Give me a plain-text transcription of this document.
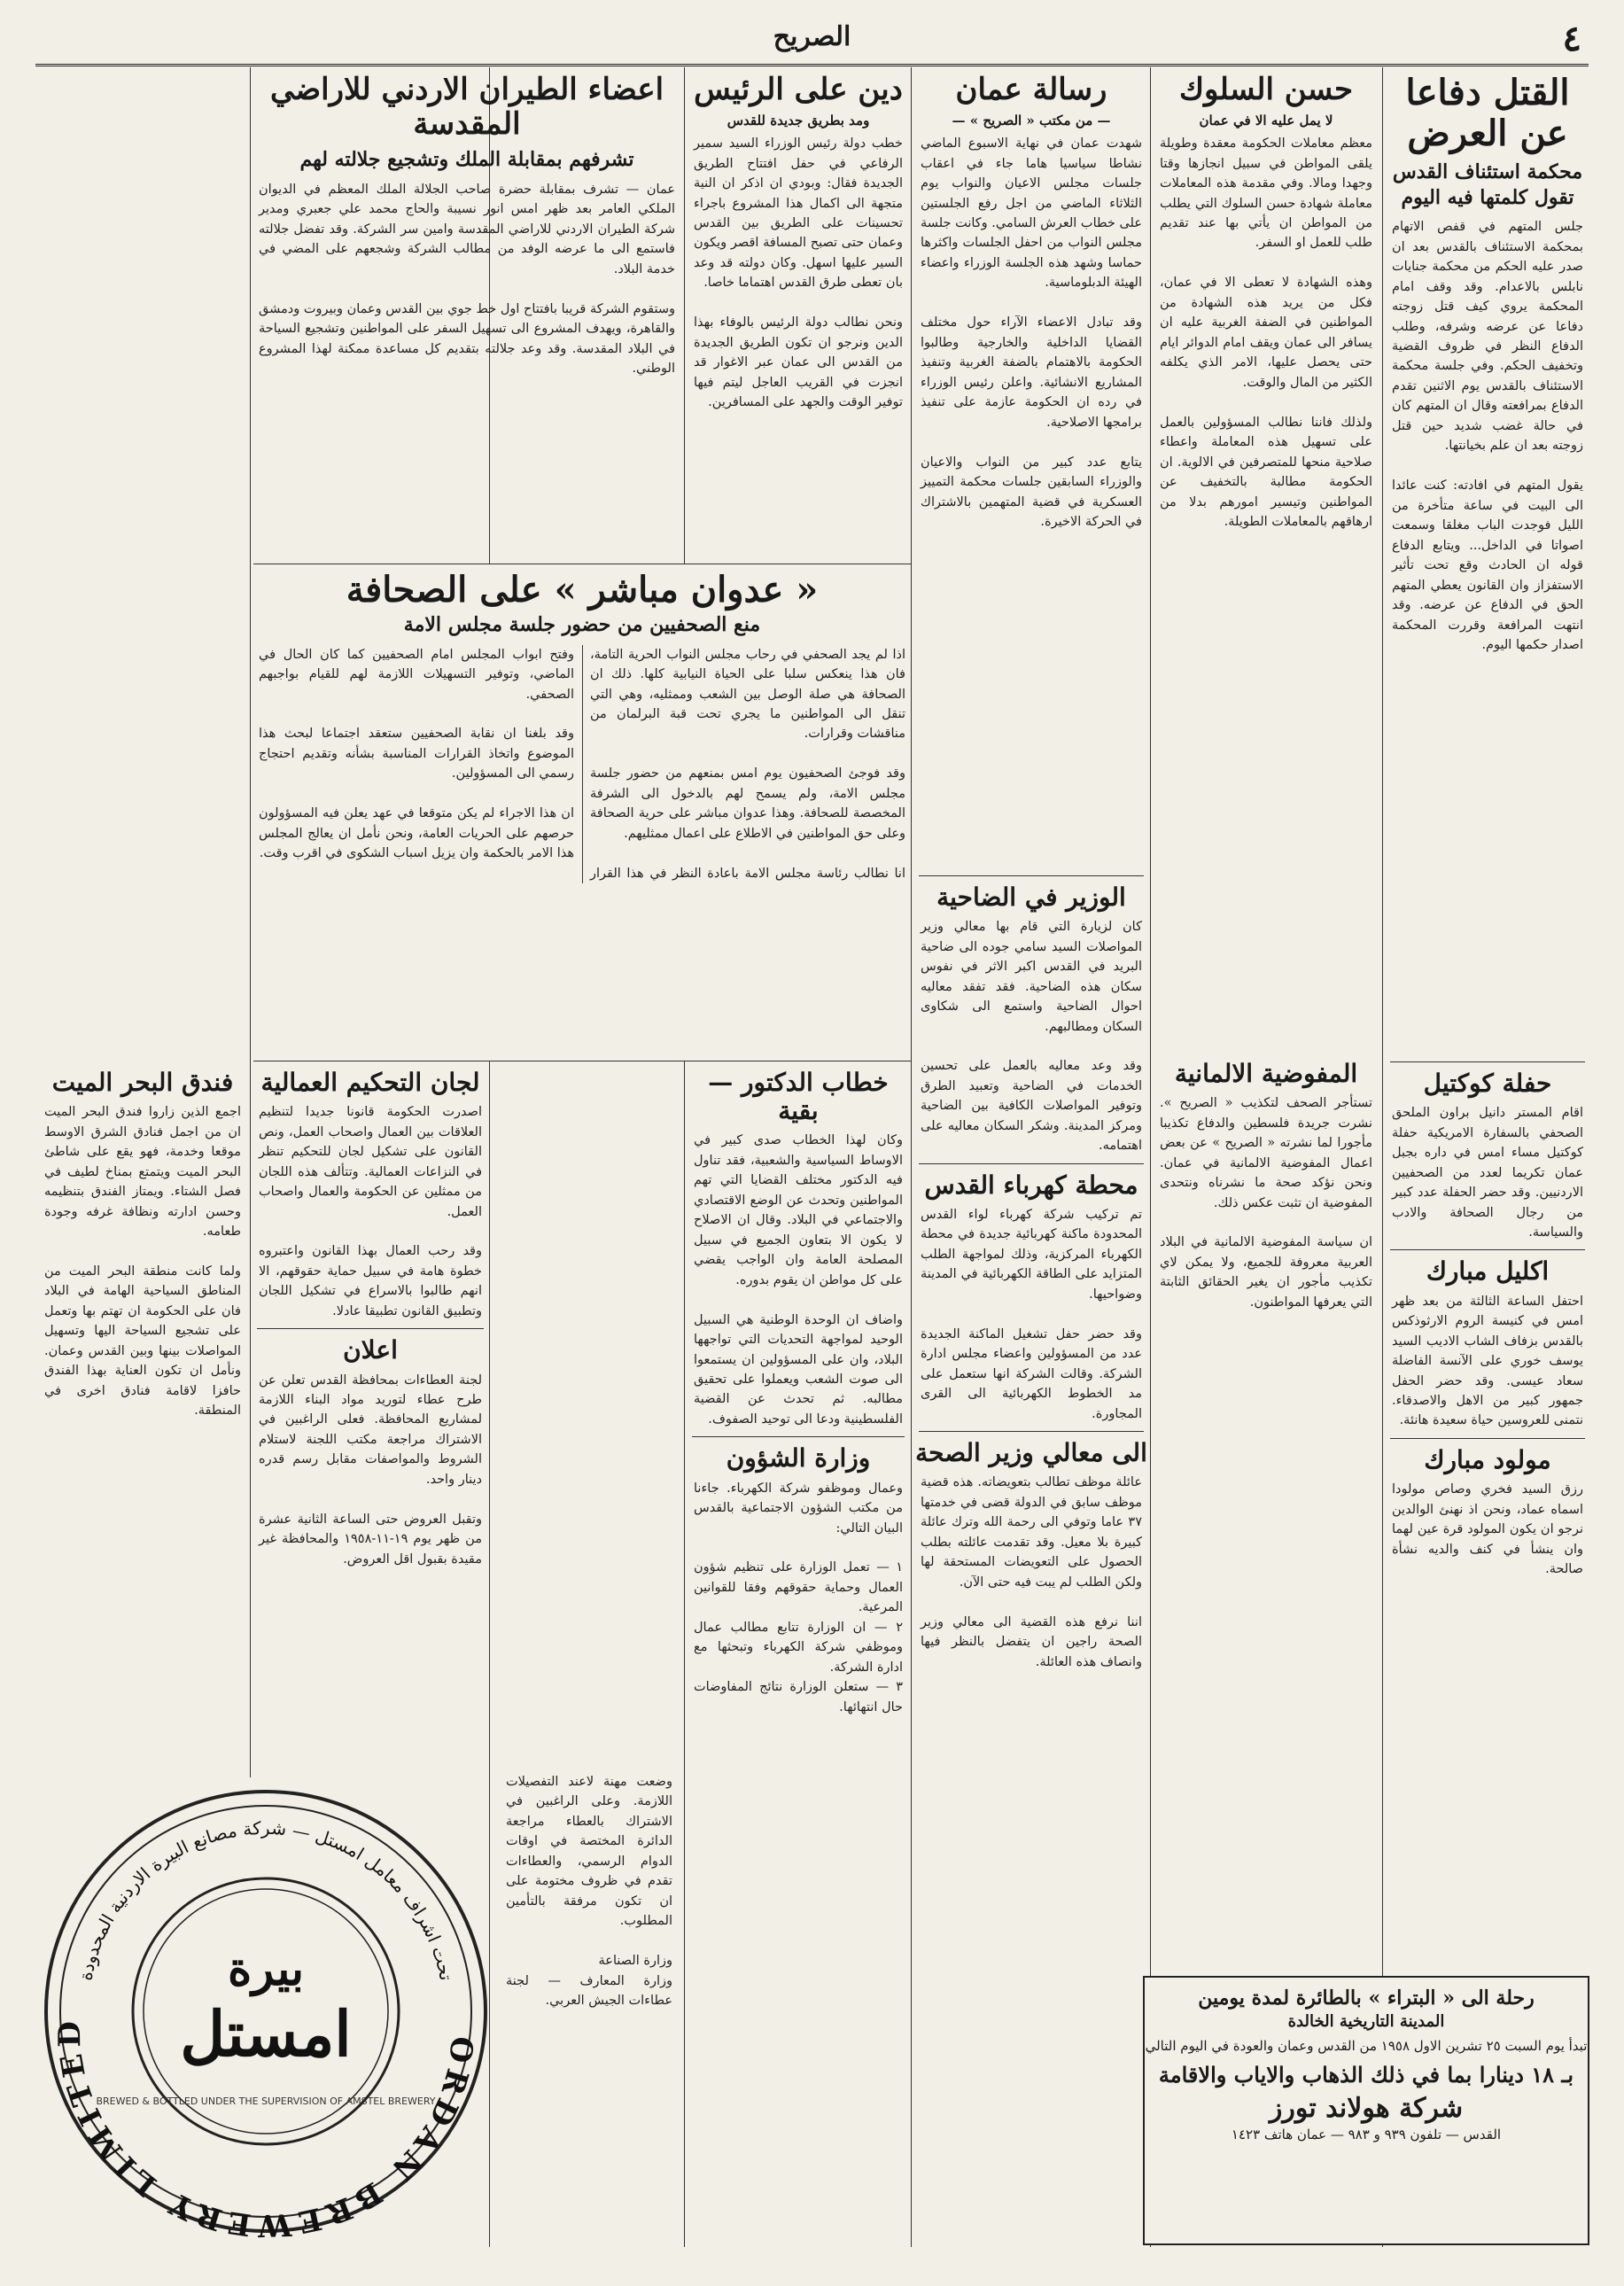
الصريح	٤
القتل دفاعا عن العرض
محكمة استئناف القدس تقول كلمتها فيه اليوم
جلس المتهم في قفص الاتهام بمحكمة الاستئناف بالقدس بعد ان صدر عليه الحكم من محكمة جنايات نابلس بالاعدام. وقد وقف امام المحكمة يروي كيف قتل زوجته دفاعا عن عرضه وشرفه، وطلب الدفاع النظر في ظروف القضية وتخفيف الحكم. وفي جلسة محكمة الاستئناف بالقدس يوم الاثنين تقدم الدفاع بمرافعته وقال ان المتهم كان في حالة غضب شديد حين قتل زوجته بعد ان علم بخيانتها.

يقول المتهم في افادته: كنت عائدا الى البيت في ساعة متأخرة من الليل فوجدت الباب مغلقا وسمعت اصواتا في الداخل... ويتابع الدفاع قوله ان الحادث وقع تحت تأثير الاستفزاز وان القانون يعطي المتهم الحق في الدفاع عن عرضه. وقد انتهت المرافعة وقررت المحكمة اصدار حكمها اليوم.
حسن السلوك
لا يمل عليه الا في عمان
معظم معاملات الحكومة معقدة وطويلة يلقى المواطن في سبيل انجازها وقتا وجهدا ومالا. وفي مقدمة هذه المعاملات معاملة شهادة حسن السلوك التي يطلب من المواطن ان يأتي بها عند تقديم طلب للعمل او السفر.

وهذه الشهادة لا تعطى الا في عمان، فكل من يريد هذه الشهادة من المواطنين في الضفة الغربية عليه ان يسافر الى عمان ويقف امام الدوائر ايام حتى يحصل عليها، الامر الذي يكلفه الكثير من المال والوقت.

ولذلك فاننا نطالب المسؤولين بالعمل على تسهيل هذه المعاملة واعطاء صلاحية منحها للمتصرفين في الالوية. ان الحكومة مطالبة بالتخفيف عن المواطنين وتيسير امورهم بدلا من ارهاقهم بالمعاملات الطويلة.
رسالة عمان
— من مكتب « الصريح » —
شهدت عمان في نهاية الاسبوع الماضي نشاطا سياسيا هاما جاء في اعقاب جلسات مجلس الاعيان والنواب يوم الثلاثاء الماضي من اجل رفع الجلستين على خطاب العرش السامي. وكانت جلسة مجلس النواب من احفل الجلسات واكثرها حماسا وشهد هذه الجلسة الوزراء واعضاء الهيئة الدبلوماسية.

وقد تبادل الاعضاء الآراء حول مختلف القضايا الداخلية والخارجية وطالبوا الحكومة بالاهتمام بالضفة الغربية وتنفيذ المشاريع الانشائية. واعلن رئيس الوزراء في رده ان الحكومة عازمة على تنفيذ برامجها الاصلاحية.

يتابع عدد كبير من النواب والاعيان والوزراء السابقين جلسات محكمة التمييز العسكرية في قضية المتهمين بالاشتراك في الحركة الاخيرة.
دين على الرئيس
ومد بطريق جديدة للقدس
خطب دولة رئيس الوزراء السيد سمير الرفاعي في حفل افتتاح الطريق الجديدة فقال: وبودي ان اذكر ان النية متجهة الى اكمال هذا المشروع باجراء تحسينات على الطريق بين القدس وعمان حتى تصبح المسافة اقصر ويكون السير عليها اسهل. وكان دولته قد وعد بان تعطى طرق القدس اهتماما خاصا.

ونحن نطالب دولة الرئيس بالوفاء بهذا الدين ونرجو ان تكون الطريق الجديدة من القدس الى عمان عبر الاغوار قد انجزت في القريب العاجل ليتم فيها توفير الوقت والجهد على المسافرين.
اعضاء الطيران الاردني للاراضي المقدسة
تشرفهم بمقابلة الملك وتشجيع جلالته لهم
عمان — تشرف بمقابلة حضرة صاحب الجلالة الملك المعظم في الديوان الملكي العامر بعد ظهر امس انور نسيبة والحاج محمد علي جعبري ومدير شركة الطيران الاردني للاراضي المقدسة وامين سر الشركة. وقد تفضل جلالته فاستمع الى ما عرضه الوفد من مطالب الشركة وشجعهم على المضي في خدمة البلاد.

وستقوم الشركة قريبا بافتتاح اول خط جوي بين القدس وعمان وبيروت ودمشق والقاهرة، ويهدف المشروع الى تسهيل السفر على المواطنين وتشجيع السياحة في البلاد المقدسة. وقد وعد جلالته بتقديم كل مساعدة ممكنة لهذا المشروع الوطني.
« عدوان مباشر » على الصحافة
منع الصحفيين من حضور جلسة مجلس الامة
اذا لم يجد الصحفي في رحاب مجلس النواب الحرية التامة، فان هذا ينعكس سلبا على الحياة النيابية كلها. ذلك ان الصحافة هي صلة الوصل بين الشعب وممثليه، وهي التي تنقل الى المواطنين ما يجري تحت قبة البرلمان من مناقشات وقرارات.

وقد فوجئ الصحفيون يوم امس بمنعهم من حضور جلسة مجلس الامة، ولم يسمح لهم بالدخول الى الشرفة المخصصة للصحافة. وهذا عدوان مباشر على حرية الصحافة وعلى حق المواطنين في الاطلاع على اعمال ممثليهم.

انا نطالب رئاسة مجلس الامة باعادة النظر في هذا القرار وفتح ابواب المجلس امام الصحفيين كما كان الحال في الماضي، وتوفير التسهيلات اللازمة لهم للقيام بواجبهم الصحفي.

وقد بلغنا ان نقابة الصحفيين ستعقد اجتماعا لبحث هذا الموضوع واتخاذ القرارات المناسبة بشأنه وتقديم احتجاج رسمي الى المسؤولين.

ان هذا الاجراء لم يكن متوقعا في عهد يعلن فيه المسؤولون حرصهم على الحريات العامة، ونحن نأمل ان يعالج المجلس هذا الامر بالحكمة وان يزيل اسباب الشكوى في اقرب وقت.
فندق البحر الميت
اجمع الذين زاروا فندق البحر الميت ان من اجمل فنادق الشرق الاوسط موقعا وخدمة، فهو يقع على شاطئ البحر الميت ويتمتع بمناخ لطيف في فصل الشتاء. ويمتاز الفندق بتنظيمه وحسن ادارته ونظافة غرفه وجودة طعامه.

ولما كانت منطقة البحر الميت من المناطق السياحية الهامة في البلاد فان على الحكومة ان تهتم بها وتعمل على تشجيع السياحة اليها وتسهيل المواصلات بينها وبين القدس وعمان. ونأمل ان تكون العناية بهذا الفندق حافزا لاقامة فنادق اخرى في المنطقة.
الوزير في الضاحية
كان لزيارة التي قام بها معالي وزير المواصلات السيد سامي جوده الى ضاحية البريد في القدس اكبر الاثر في نفوس سكان هذه الضاحية. فقد تفقد معاليه احوال الضاحية واستمع الى شكاوى السكان ومطالبهم.

وقد وعد معاليه بالعمل على تحسين الخدمات في الضاحية وتعبيد الطرق وتوفير المواصلات الكافية بين الضاحية ومركز المدينة. وشكر السكان معاليه على اهتمامه.
محطة كهرباء القدس
تم تركيب شركة كهرباء لواء القدس المحدودة ماكنة كهربائية جديدة في محطة الكهرباء المركزية، وذلك لمواجهة الطلب المتزايد على الطاقة الكهربائية في المدينة وضواحيها.

وقد حضر حفل تشغيل الماكنة الجديدة عدد من المسؤولين واعضاء مجلس ادارة الشركة. وقالت الشركة انها ستعمل على مد الخطوط الكهربائية الى القرى المجاورة.
الى معالي وزير الصحة
عائلة موظف تطالب بتعويضاته. هذه قضية موظف سابق في الدولة قضى في خدمتها ٣٧ عاما وتوفي الى رحمة الله وترك عائلة كبيرة بلا معيل. وقد تقدمت عائلته بطلب الحصول على التعويضات المستحقة لها ولكن الطلب لم يبت فيه حتى الآن.

اننا نرفع هذه القضية الى معالي وزير الصحة راجين ان يتفضل بالنظر فيها وانصاف هذه العائلة.
خطاب الدكتور — بقية
وكان لهذا الخطاب صدى كبير في الاوساط السياسية والشعبية، فقد تناول فيه الدكتور مختلف القضايا التي تهم المواطنين وتحدث عن الوضع الاقتصادي والاجتماعي في البلاد. وقال ان الاصلاح لا يكون الا بتعاون الجميع في سبيل المصلحة العامة وان الواجب يقضي على كل مواطن ان يقوم بدوره.

واضاف ان الوحدة الوطنية هي السبيل الوحيد لمواجهة التحديات التي تواجهها البلاد، وان على المسؤولين ان يستمعوا الى صوت الشعب ويعملوا على تحقيق مطالبه. ثم تحدث عن القضية الفلسطينية ودعا الى توحيد الصفوف.
وزارة الشؤون
وعمال وموظفو شركة الكهرباء. جاءنا من مكتب الشؤون الاجتماعية بالقدس البيان التالي:

١ — تعمل الوزارة على تنظيم شؤون العمال وحماية حقوقهم وفقا للقوانين المرعية.
٢ — ان الوزارة تتابع مطالب عمال وموظفي شركة الكهرباء وتبحثها مع ادارة الشركة.
٣ — ستعلن الوزارة نتائج المفاوضات حال انتهائها.
لجان التحكيم العمالية
اصدرت الحكومة قانونا جديدا لتنظيم العلاقات بين العمال واصحاب العمل، ونص القانون على تشكيل لجان للتحكيم تنظر في النزاعات العمالية. وتتألف هذه اللجان من ممثلين عن الحكومة والعمال واصحاب العمل.

وقد رحب العمال بهذا القانون واعتبروه خطوة هامة في سبيل حماية حقوقهم، الا انهم طالبوا بالاسراع في تشكيل اللجان وتطبيق القانون تطبيقا عادلا.
اعلان
لجنة العطاءات بمحافظة القدس تعلن عن طرح عطاء لتوريد مواد البناء اللازمة لمشاريع المحافظة. فعلى الراغبين في الاشتراك مراجعة مكتب اللجنة لاستلام الشروط والمواصفات مقابل رسم قدره دينار واحد.

وتقبل العروض حتى الساعة الثانية عشرة من ظهر يوم ١٩-١١-١٩٥٨ والمحافظة غير مقيدة بقبول اقل العروض.
وضعت مهنة لاعند التفصيلات اللازمة. وعلى الراغبين في الاشتراك بالعطاء مراجعة الدائرة المختصة في اوقات الدوام الرسمي، والعطاءات تقدم في ظروف مختومة على ان تكون مرفقة بالتأمين المطلوب.

وزارة الصناعة
وزارة المعارف — لجنة عطاءات الجيش العربي.
المفوضية الالمانية
تستأجر الصحف لتكذيب « الصريح ». نشرت جريدة فلسطين والدفاع تكذيبا مأجورا لما نشرته « الصريح » عن بعض اعمال المفوضية الالمانية في عمان. ونحن نؤكد صحة ما نشرناه ونتحدى المفوضية ان تثبت عكس ذلك.

ان سياسة المفوضية الالمانية في البلاد العربية معروفة للجميع، ولا يمكن لاي تكذيب مأجور ان يغير الحقائق الثابتة التي يعرفها المواطنون.
حفلة كوكتيل
اقام المستر دانيل براون الملحق الصحفي بالسفارة الامريكية حفلة كوكتيل مساء امس في داره بجبل عمان تكريما لعدد من الصحفيين الاردنيين. وقد حضر الحفلة عدد كبير من رجال الصحافة والادب والسياسة.
اكليل مبارك
احتفل الساعة الثالثة من بعد ظهر امس في كنيسة الروم الارثوذكس بالقدس بزفاف الشاب الاديب السيد يوسف خوري على الآنسة الفاضلة سعاد عيسى. وقد حضر الحفل جمهور كبير من الاهل والاصدقاء. نتمنى للعروسين حياة سعيدة هانئة.
مولود مبارك
رزق السيد فخري وصاص مولودا اسماه عماد، ونحن اذ نهنئ الوالدين نرجو ان يكون المولود قرة عين لهما وان ينشأ في كنف والديه نشأة صالحة.
رحلة الى « البتراء » بالطائرة لمدة يومين
المدينة التاريخية الخالدة
تبدأ يوم السبت ٢٥ تشرين الاول ١٩٥٨ من القدس وعمان والعودة في اليوم التالي
بـ ١٨ دينارا بما في ذلك الذهاب والاياب والاقامة
شركة هولاند تورز
القدس — تلفون ٩٣٩ و ٩٨٣ — عمان هاتف ١٤٢٣
ORDAN BREWERY LIMITED
تحت اشراف معامل امستل — شركة مصانع البيرة الاردنية المحدودة
بيرة
امستل
BREWED & BOTTLED UNDER THE SUPERVISION OF AMSTEL BREWERY
